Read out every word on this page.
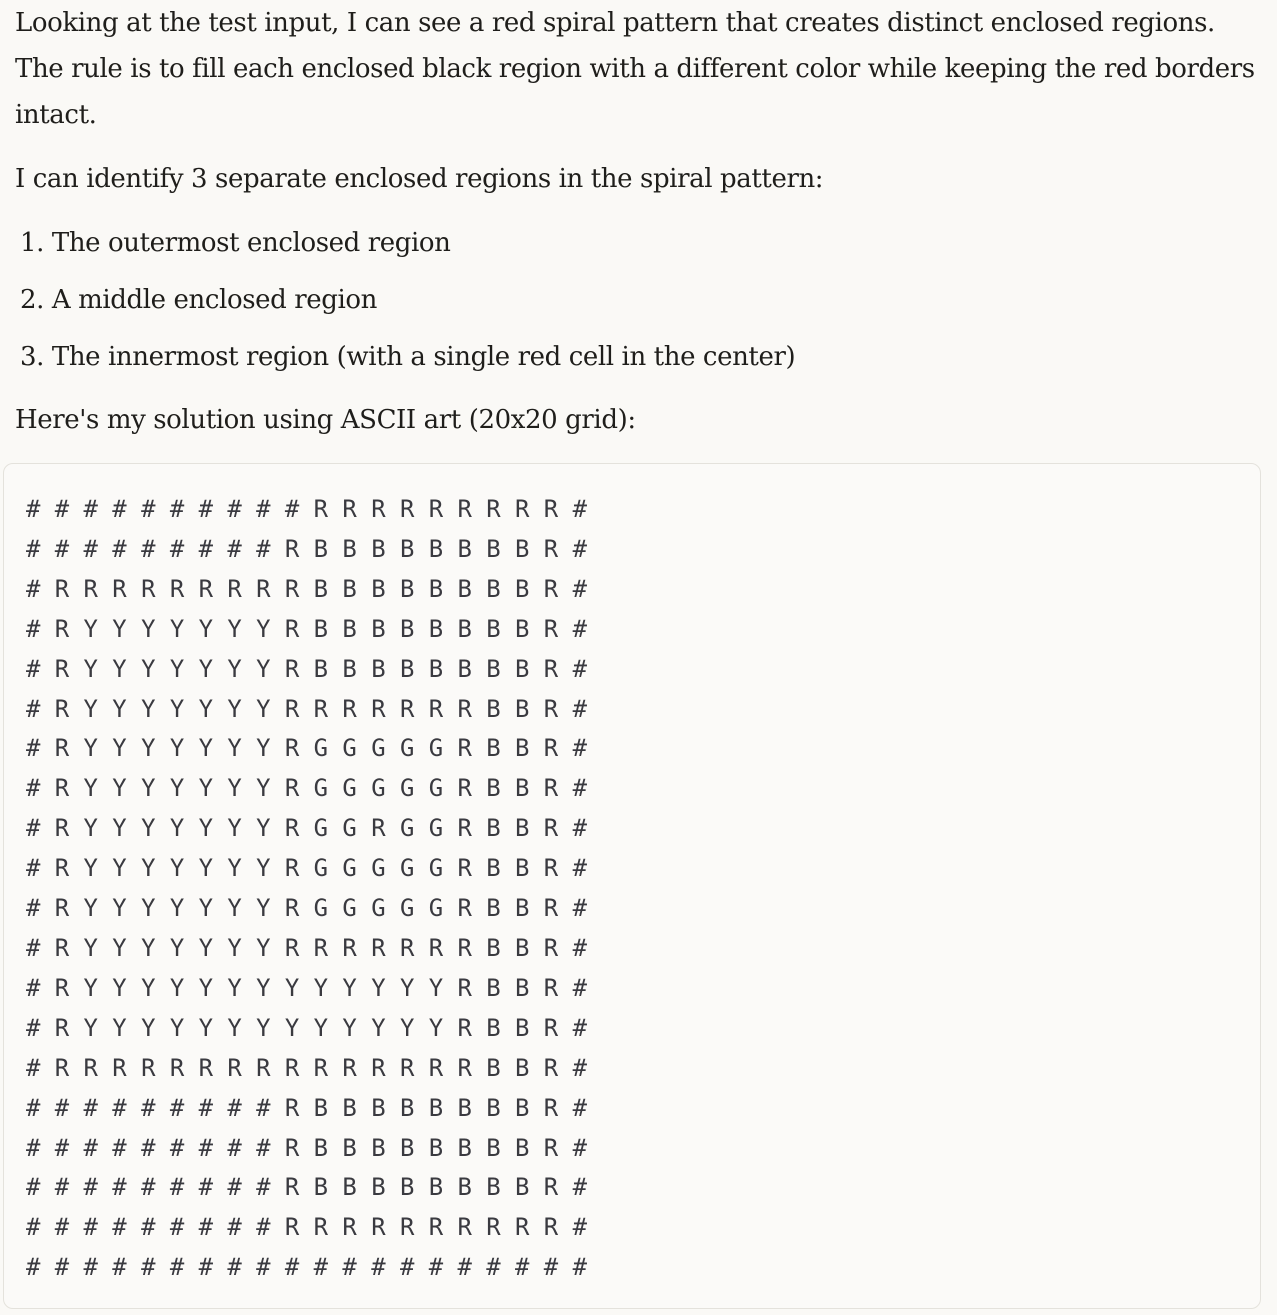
Looking at the test input, I can see a red spiral pattern that creates distinct enclosed regions. The rule is to fill each enclosed black region with a different color while keeping the red borders intact.

I can identify 3 separate enclosed regions in the spiral pattern:

1. The outermost enclosed region
2. A middle enclosed region
3. The innermost region (with a single red cell in the center)

Here's my solution using ASCII art (20x20 grid):

# # # # # # # # # # R R R R R R R R R #
# # # # # # # # # R B B B B B B B B R #
# R R R R R R R R R B B B B B B B B R #
# R Y Y Y Y Y Y Y R B B B B B B B B R #
# R Y Y Y Y Y Y Y R B B B B B B B B R #
# R Y Y Y Y Y Y Y R R R R R R R B B R #
# R Y Y Y Y Y Y Y R G G G G G R B B R #
# R Y Y Y Y Y Y Y R G G G G G R B B R #
# R Y Y Y Y Y Y Y R G G R G G R B B R #
# R Y Y Y Y Y Y Y R G G G G G R B B R #
# R Y Y Y Y Y Y Y R G G G G G R B B R #
# R Y Y Y Y Y Y Y R R R R R R R B B R #
# R Y Y Y Y Y Y Y Y Y Y Y Y Y R B B R #
# R Y Y Y Y Y Y Y Y Y Y Y Y Y R B B R #
# R R R R R R R R R R R R R R R B B R #
# # # # # # # # # R B B B B B B B B R #
# # # # # # # # # R B B B B B B B B R #
# # # # # # # # # R B B B B B B B B R #
# # # # # # # # # R R R R R R R R R R #
# # # # # # # # # # # # # # # # # # # #
